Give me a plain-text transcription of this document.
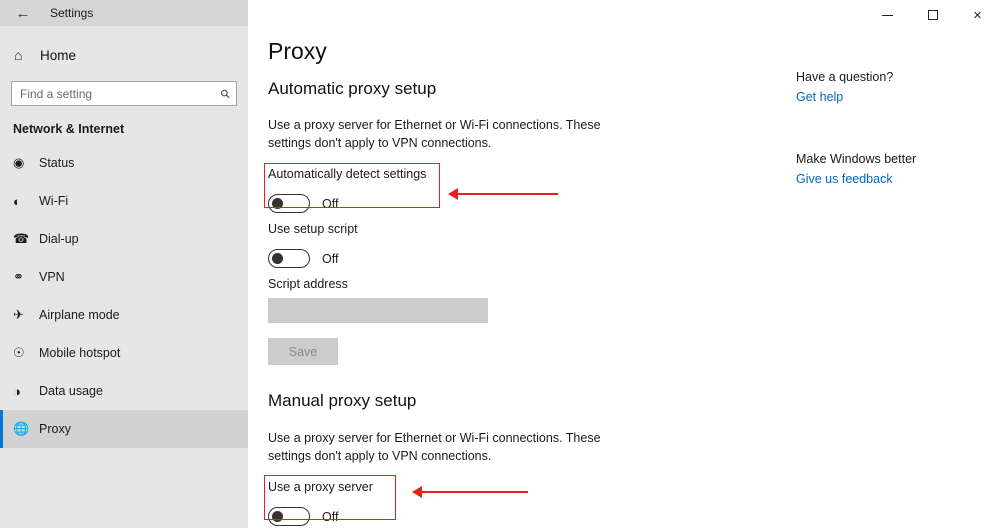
← Settings
⌂	Home
Find a setting
⚲
Network & Internet
◉	Status
◐	Wi-Fi
☎ Dial-up
⚭	VPN
✈	Airplane mode
☉	Mobile hotspot
◑	Data usage
🌐 Proxy
✕
Proxy
Automatic proxy setup
Use a proxy server for Ethernet or Wi-Fi connections. These settings don't apply to VPN connections.
Automatically detect settings
Off
Use setup script
Off
Script address
Save
Manual proxy setup
Use a proxy server for Ethernet or Wi-Fi connections. These settings don't apply to VPN connections.
Use a proxy server
Off
Have a question?
Get help
Make Windows better
Give us feedback
